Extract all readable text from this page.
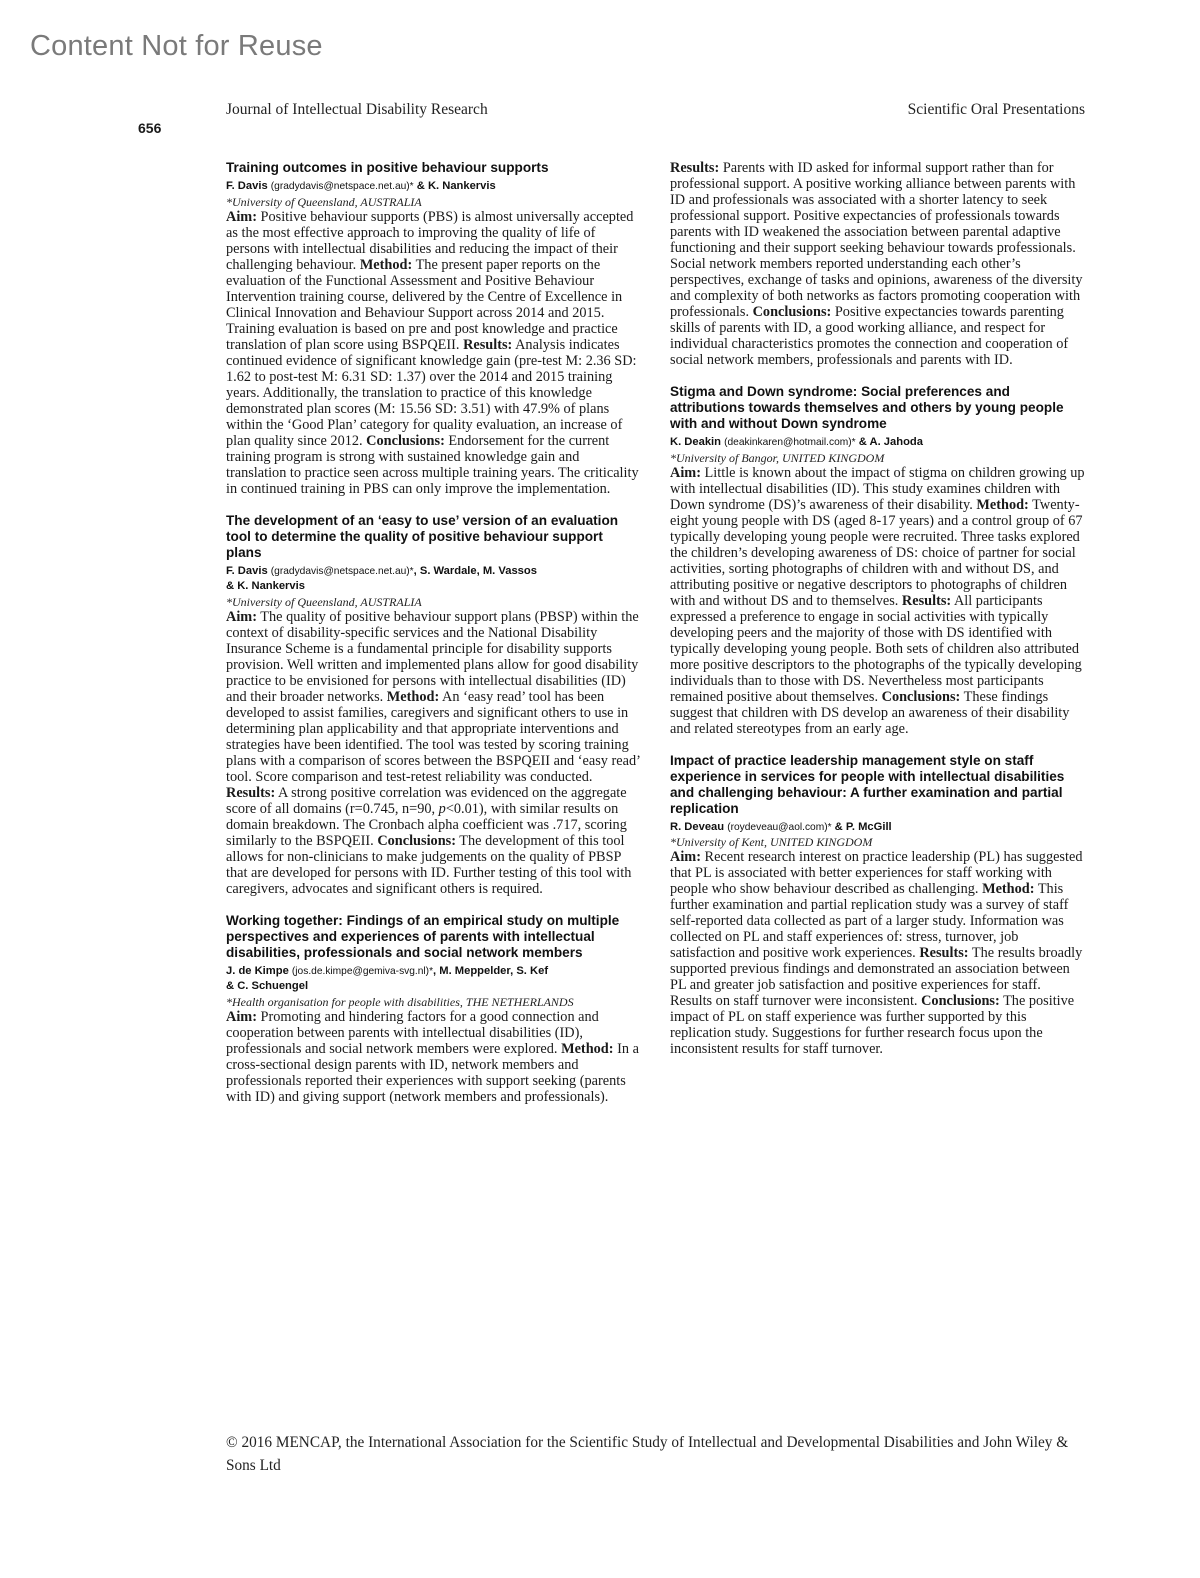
Content Not for Reuse
Journal of Intellectual Disability Research	Scientific Oral Presentations
656
Training outcomes in positive behaviour supports
F. Davis (gradydavis@netspace.net.au)* & K. Nankervis
*University of Queensland, AUSTRALIA

Aim: Positive behaviour supports (PBS) is almost universally accepted as the most effective approach to improving the quality of life of persons with intellectual disabilities and reducing the impact of their challenging behaviour. Method: The present paper reports on the evaluation of the Functional Assessment and Positive Behaviour Intervention training course, delivered by the Centre of Excellence in Clinical Innovation and Behaviour Support across 2014 and 2015. Training evaluation is based on pre and post knowledge and practice translation of plan score using BSPQEII. Results: Analysis indicates continued evidence of significant knowledge gain (pre-test M: 2.36 SD: 1.62 to post-test M: 6.31 SD: 1.37) over the 2014 and 2015 training years. Additionally, the translation to practice of this knowledge demonstrated plan scores (M: 15.56 SD: 3.51) with 47.9% of plans within the ‘Good Plan’ category for quality evaluation, an increase of plan quality since 2012. Conclusions: Endorsement for the current training program is strong with sustained knowledge gain and translation to practice seen across multiple training years. The criticality in continued training in PBS can only improve the implementation.

The development of an ‘easy to use’ version of an evaluation tool to determine the quality of positive behaviour support plans
F. Davis (gradydavis@netspace.net.au)*, S. Wardale, M. Vassos
& K. Nankervis
*University of Queensland, AUSTRALIA

Aim: The quality of positive behaviour support plans (PBSP) within the context of disability-specific services and the National Disability Insurance Scheme is a fundamental principle for disability supports provision. Well written and implemented plans allow for good disability practice to be envisioned for persons with intellectual disabilities (ID) and their broader networks. Method: An ‘easy read’ tool has been developed to assist families, caregivers and significant others to use in determining plan applicability and that appropriate interventions and strategies have been identified. The tool was tested by scoring training plans with a comparison of scores between the BSPQEII and ‘easy read’ tool. Score comparison and test-retest reliability was conducted. Results: A strong positive correlation was evidenced on the aggregate score of all domains (r=0.745, n=90, p<0.01), with similar results on domain breakdown. The Cronbach alpha coefficient was .717, scoring similarly to the BSPQEII. Conclusions: The development of this tool allows for non-clinicians to make judgements on the quality of PBSP that are developed for persons with ID. Further testing of this tool with caregivers, advocates and significant others is required.

Working together: Findings of an empirical study on multiple perspectives and experiences of parents with intellectual disabilities, professionals and social network members
J. de Kimpe (jos.de.kimpe@gemiva-svg.nl)*, M. Meppelder, S. Kef
& C. Schuengel
*Health organisation for people with disabilities, THE NETHERLANDS

Aim: Promoting and hindering factors for a good connection and cooperation between parents with intellectual disabilities (ID), professionals and social network members were explored. Method: In a cross-sectional design parents with ID, network members and professionals reported their experiences with support seeking (parents with ID) and giving support (network members and professionals).

Results: Parents with ID asked for informal support rather than for professional support. A positive working alliance between parents with ID and professionals was associated with a shorter latency to seek professional support. Positive expectancies of professionals towards parents with ID weakened the association between parental adaptive functioning and their support seeking behaviour towards professionals. Social network members reported understanding each other’s perspectives, exchange of tasks and opinions, awareness of the diversity and complexity of both networks as factors promoting cooperation with professionals. Conclusions: Positive expectancies towards parenting skills of parents with ID, a good working alliance, and respect for individual characteristics promotes the connection and cooperation of social network members, professionals and parents with ID.

Stigma and Down syndrome: Social preferences and attributions towards themselves and others by young people with and without Down syndrome
K. Deakin (deakinkaren@hotmail.com)* & A. Jahoda
*University of Bangor, UNITED KINGDOM

Aim: Little is known about the impact of stigma on children growing up with intellectual disabilities (ID). This study examines children with Down syndrome (DS)’s awareness of their disability. Method: Twenty-eight young people with DS (aged 8-17 years) and a control group of 67 typically developing young people were recruited. Three tasks explored the children’s developing awareness of DS: choice of partner for social activities, sorting photographs of children with and without DS, and attributing positive or negative descriptors to photographs of children with and without DS and to themselves. Results: All participants expressed a preference to engage in social activities with typically developing peers and the majority of those with DS identified with typically developing young people. Both sets of children also attributed more positive descriptors to the photographs of the typically developing individuals than to those with DS. Nevertheless most participants remained positive about themselves. Conclusions: These findings suggest that children with DS develop an awareness of their disability and related stereotypes from an early age.

Impact of practice leadership management style on staff experience in services for people with intellectual disabilities and challenging behaviour: A further examination and partial replication
R. Deveau (roydeveau@aol.com)* & P. McGill
*University of Kent, UNITED KINGDOM

Aim: Recent research interest on practice leadership (PL) has suggested that PL is associated with better experiences for staff working with people who show behaviour described as challenging. Method: This further examination and partial replication study was a survey of staff self-reported data collected as part of a larger study. Information was collected on PL and staff experiences of: stress, turnover, job satisfaction and positive work experiences. Results: The results broadly supported previous findings and demonstrated an association between PL and greater job satisfaction and positive experiences for staff. Results on staff turnover were inconsistent. Conclusions: The positive impact of PL on staff experience was further supported by this replication study. Suggestions for further research focus upon the inconsistent results for staff turnover.

© 2016 MENCAP, the International Association for the Scientific Study of Intellectual and Developmental Disabilities and John Wiley & Sons Ltd
